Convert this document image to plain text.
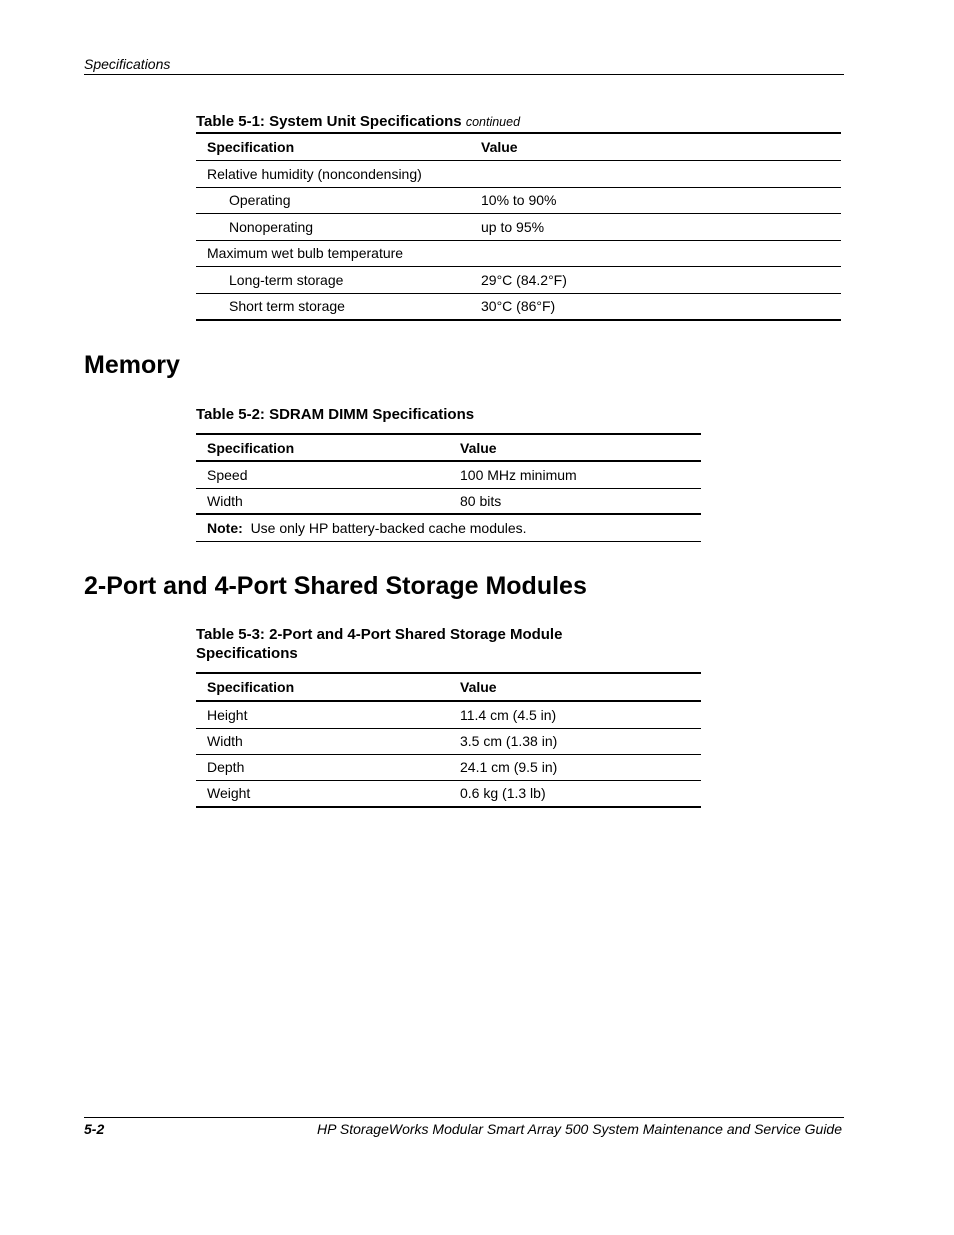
Specifications
Table 5-1: System Unit Specifications continued
Specification	Value
Relative humidity (noncondensing)	
Operating	10% to 90%
Nonoperating	up to 95%
Maximum wet bulb temperature	
Long-term storage	29°C (84.2°F)
Short term storage	30°C (86°F)
Memory
Table 5-2: SDRAM DIMM Specifications
Specification	Value
Speed	100 MHz minimum
Width	80 bits
Note: Use only HP battery-backed cache modules.	
2-Port and 4-Port Shared Storage Modules
Table 5-3: 2-Port and 4-Port Shared Storage Module
Specifications
Specification	Value
Height	11.4 cm (4.5 in)
Width	3.5 cm (1.38 in)
Depth	24.1 cm (9.5 in)
Weight	0.6 kg (1.3 lb)
5-2	HP StorageWorks Modular Smart Array 500 System Maintenance and Service Guide
